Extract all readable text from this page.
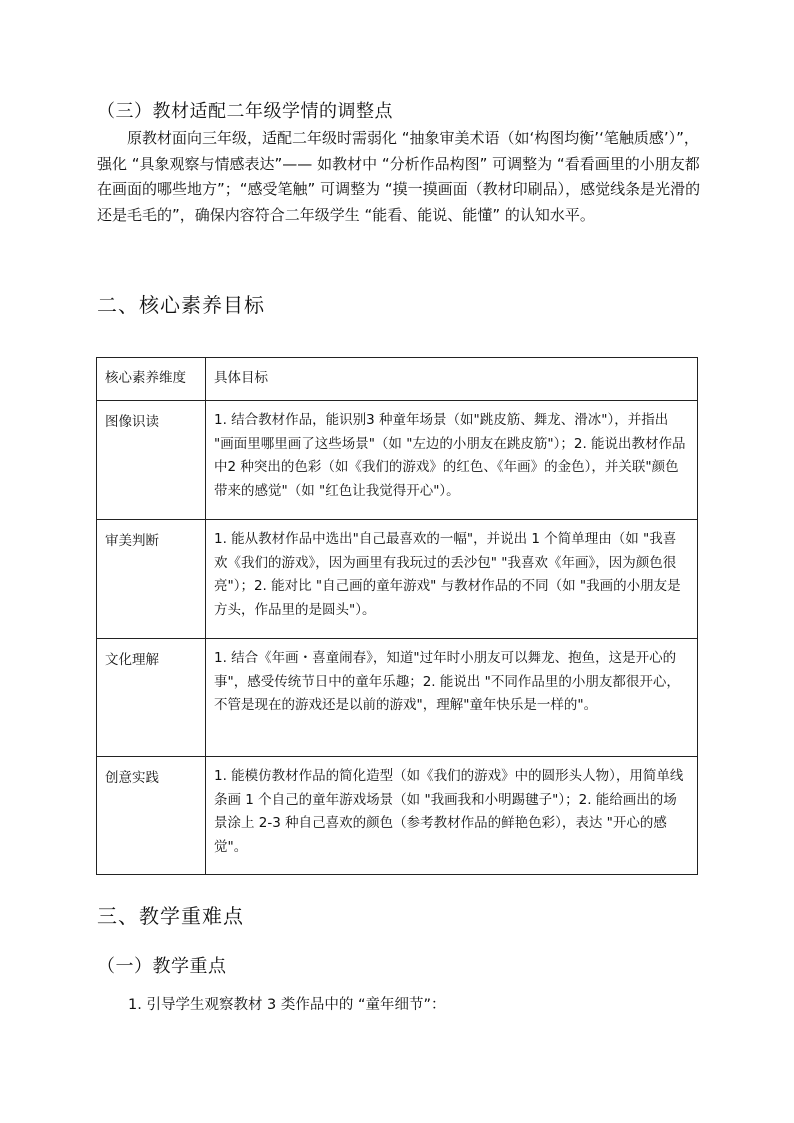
（三）教材适配二年级学情的调整点

原教材面向三年级，适配二年级时需弱化 “抽象审美术语（如‘构图均衡’‘笔触质感’）”，强化 “具象观察与情感表达”—— 如教材中 “分析作品构图” 可调整为 “看看画里的小朋友都在画面的哪些地方”；“感受笔触” 可调整为 “摸一摸画面（教材印刷品），感觉线条是光滑的还是毛毛的”，确保内容符合二年级学生 “能看、能说、能懂” 的认知水平。

二、核心素养目标
核心素养维度	具体目标
图像识读	1. 结合教材作品，能识别3 种童年场景（如"跳皮筋、舞龙、滑冰"），并指出 "画面里哪里画了这些场景"（如 "左边的小朋友在跳皮筋"）；2. 能说出教材作品中2 种突出的色彩（如《我们的游戏》的红色、《年画》的金色），并关联"颜色带来的感觉"（如 "红色让我觉得开心"）。
审美判断	1. 能从教材作品中选出"自己最喜欢的一幅"，并说出 1 个简单理由（如 "我喜欢《我们的游戏》，因为画里有我玩过的丢沙包" "我喜欢《年画》，因为颜色很亮"）；2. 能对比 "自己画的童年游戏" 与教材作品的不同（如 "我画的小朋友是方头，作品里的是圆头"）。
文化理解	1. 结合《年画・喜童闹春》，知道"过年时小朋友可以舞龙、抱鱼，这是开心的事"，感受传统节日中的童年乐趣；2. 能说出 "不同作品里的小朋友都很开心，不管是现在的游戏还是以前的游戏"，理解"童年快乐是一样的"。
创意实践	1. 能模仿教材作品的简化造型（如《我们的游戏》中的圆形头人物），用简单线条画 1 个自己的童年游戏场景（如 "我画我和小明踢毽子"）；2. 能给画出的场景涂上 2-3 种自己喜欢的颜色（参考教材作品的鲜艳色彩），表达 "开心的感觉"。
三、教学重难点
（一）教学重点

1. 引导学生观察教材 3 类作品中的 “童年细节”：
